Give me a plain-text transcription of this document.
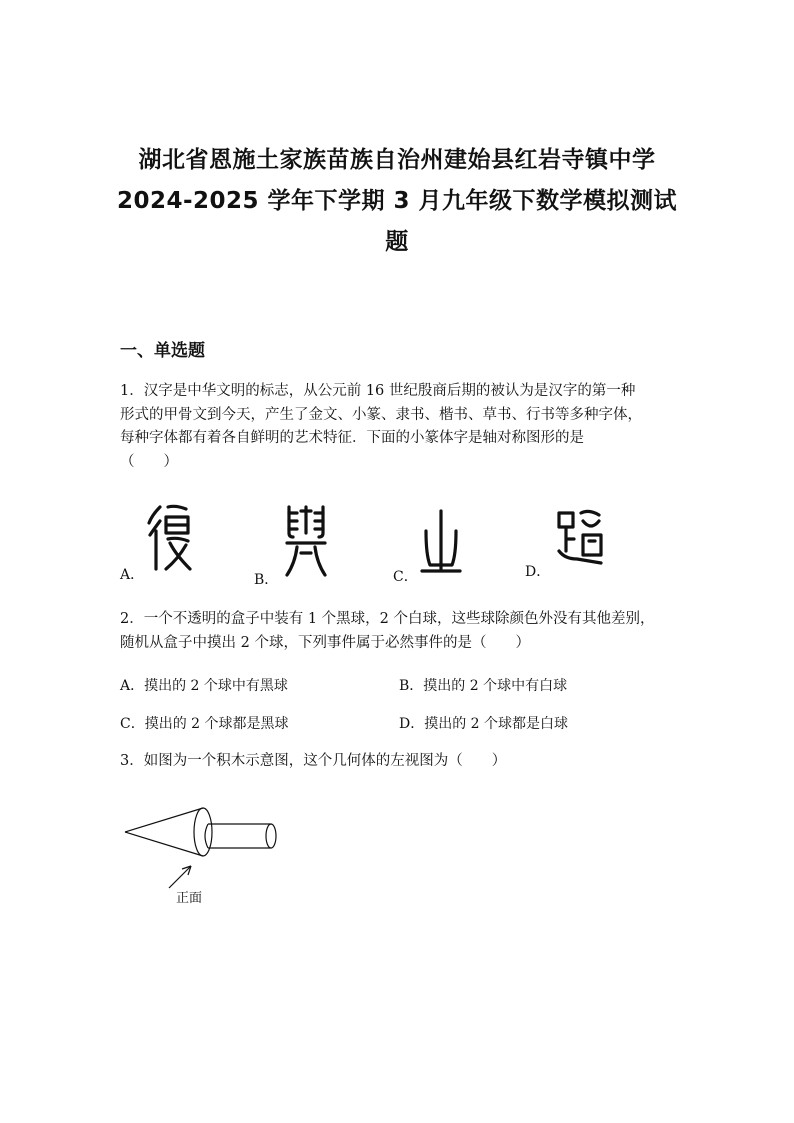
湖北省恩施土家族苗族自治州建始县红岩寺镇中学
2024-2025 学年下学期 3 月九年级下数学模拟测试
题
一、单选题
1．汉字是中华文明的标志，从公元前 16 世纪殷商后期的被认为是汉字的第一种
形式的甲骨文到今天，产生了金文、小篆、隶书、楷书、草书、行书等多种字体，
每种字体都有着各自鲜明的艺术特征．下面的小篆体字是轴对称图形的是
（　　）
A．	B．	C．	D．
2．一个不透明的盒子中装有 1 个黑球，2 个白球，这些球除颜色外没有其他差别，
随机从盒子中摸出 2 个球，下列事件属于必然事件的是（　　）
A．摸出的 2 个球中有黑球	B．摸出的 2 个球中有白球
C．摸出的 2 个球都是黑球	D．摸出的 2 个球都是白球
3．如图为一个积木示意图，这个几何体的左视图为（　　）
正面
